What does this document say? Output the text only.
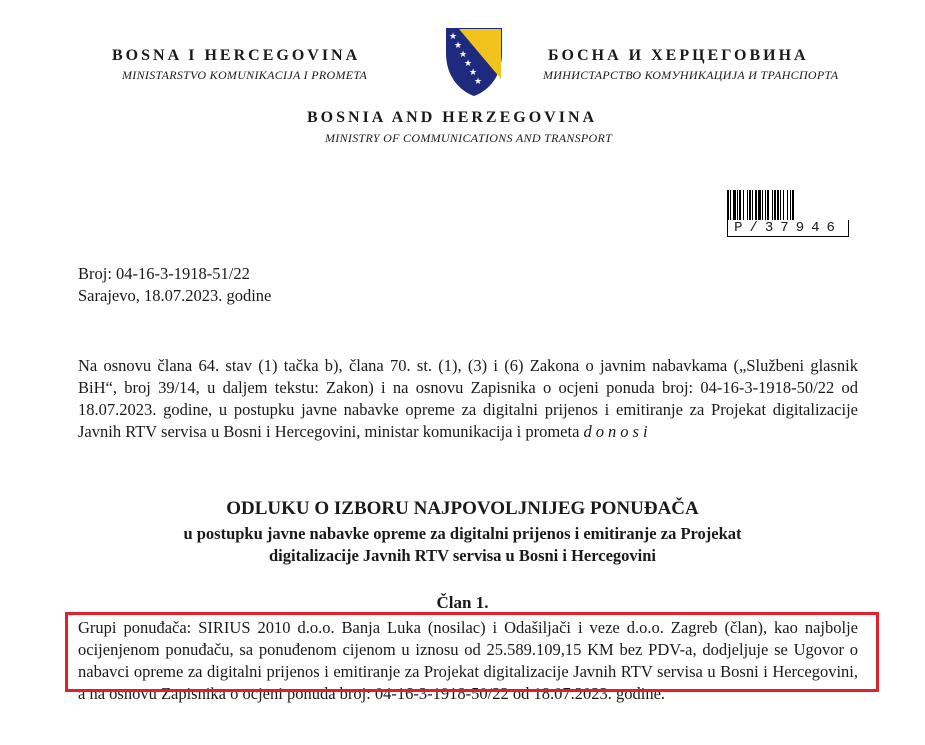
BOSNA I HERCEGOVINA
MINISTARSTVO KOMUNIKACIJA I PROMETA
★
★
★
★
★
★
БОСНА И ХЕРЦЕГОВИНА
МИНИСТАРСТВО КОМУНИКАЦИЈА И ТРАНСПОРТА
BOSNIA AND HERZEGOVINA
MINISTRY OF COMMUNICATIONS AND TRANSPORT
P/37946
Broj: 04-16-3-1918-51/22
Sarajevo, 18.07.2023. godine
Na osnovu člana 64. stav (1) tačka b), člana 70. st. (1), (3) i (6) Zakona o javnim nabavkama („Službeni glasnik BiH“, broj 39/14, u daljem tekstu: Zakon) i na osnovu Zapisnika o ocjeni ponuda broj: 04-16-3-1918-50/22 od 18.07.2023. godine, u postupku javne nabavke opreme za digitalni prijenos i emitiranje za Projekat digitalizacije Javnih RTV servisa u Bosni i Hercegovini, ministar komunikacija i prometa donosi
ODLUKU O IZBORU NAJPOVOLJNIJEG PONUĐAČA
u postupku javne nabavke opreme za digitalni prijenos i emitiranje za Projekat
digitalizacije Javnih RTV servisa u Bosni i Hercegovini
Član 1.
Grupi ponuđača: SIRIUS 2010 d.o.o. Banja Luka (nosilac) i Odašiljači i veze d.o.o. Zagreb (član), kao najbolje ocijenjenom ponuđaču, sa ponuđenom cijenom u iznosu od 25.589.109,15 KM bez PDV-a, dodjeljuje se Ugovor o nabavci opreme za digitalni prijenos i emitiranje za Projekat digitalizacije Javnih RTV servisa u Bosni i Hercegovini, a na osnovu Zapisnika o ocjeni ponuda broj: 04-16-3-1918-50/22 od 18.07.2023. godine.
